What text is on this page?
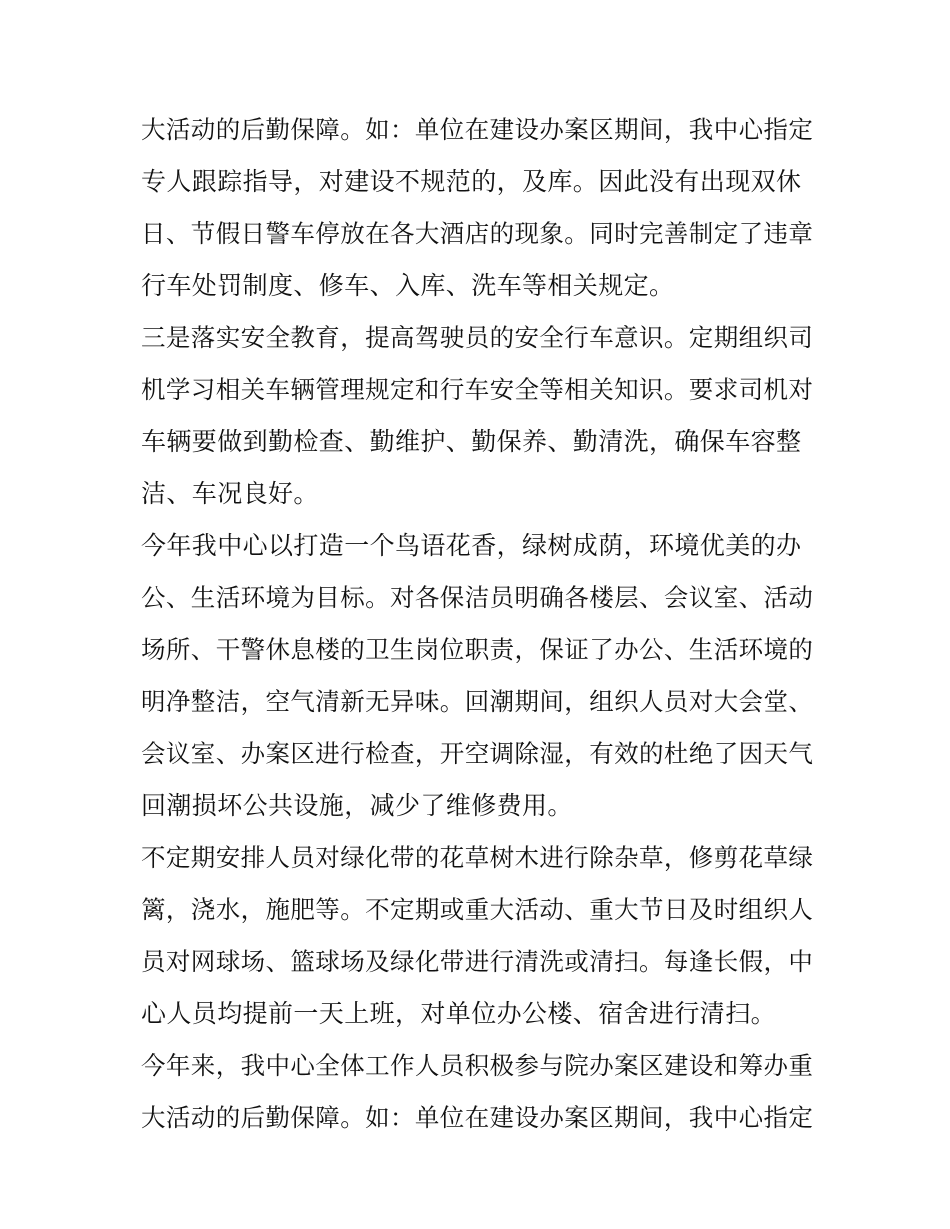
大活动的后勤保障。如：单位在建设办案区期间，我中心指定
专人跟踪指导，对建设不规范的，及库。因此没有出现双休
日、节假日警车停放在各大酒店的现象。同时完善制定了违章
行车处罚制度、修车、入库、洗车等相关规定。
三是落实安全教育，提高驾驶员的安全行车意识。定期组织司
机学习相关车辆管理规定和行车安全等相关知识。要求司机对
车辆要做到勤检查、勤维护、勤保养、勤清洗，确保车容整
洁、车况良好。
今年我中心以打造一个鸟语花香，绿树成荫，环境优美的办
公、生活环境为目标。对各保洁员明确各楼层、会议室、活动
场所、干警休息楼的卫生岗位职责，保证了办公、生活环境的
明净整洁，空气清新无异味。回潮期间，组织人员对大会堂、
会议室、办案区进行检查，开空调除湿，有效的杜绝了因天气
回潮损坏公共设施，减少了维修费用。
不定期安排人员对绿化带的花草树木进行除杂草，修剪花草绿
篱，浇水，施肥等。不定期或重大活动、重大节日及时组织人
员对网球场、篮球场及绿化带进行清洗或清扫。每逢长假，中
心人员均提前一天上班，对单位办公楼、宿舍进行清扫。
今年来，我中心全体工作人员积极参与院办案区建设和筹办重
大活动的后勤保障。如：单位在建设办案区期间，我中心指定
